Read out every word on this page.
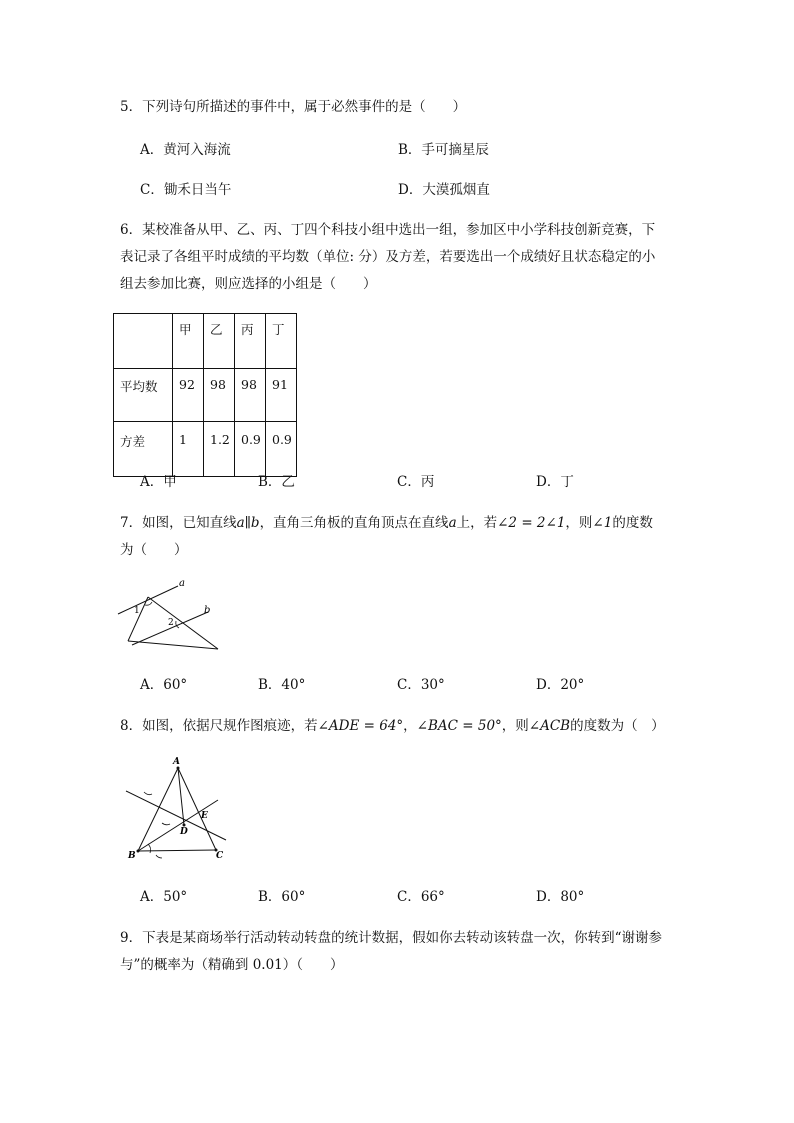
5．下列诗句所描述的事件中，属于必然事件的是（　　）
A．黄河入海流	B．手可摘星辰
C．锄禾日当午	D．大漠孤烟直
6．某校准备从甲、乙、丙、丁四个科技小组中选出一组，参加区中小学科技创新竞赛，下
表记录了各组平时成绩的平均数（单位: 分）及方差，若要选出一个成绩好且状态稳定的小
组去参加比赛，则应选择的小组是（　　）
	甲	乙	丙	丁
平均数	92	98	98	91
方差	1	1.2	0.9	0.9
A．甲	B．乙	C．丙	D．丁
7．如图，已知直线a∥b，直角三角板的直角顶点在直线a上，若∠2 = 2∠1，则∠1的度数
为（　　）
a
b
1
2
A．60°	B．40°	C．30°	D．20°
8．如图，依据尺规作图痕迹，若∠ADE = 64°，∠BAC = 50°，则∠ACB的度数为（　）
A
B	C
D
E
A．50°	B．60°	C．66°	D．80°
9．下表是某商场举行活动转动转盘的统计数据，假如你去转动该转盘一次，你转到“谢谢参
与”的概率为（精确到 0.01）（　　）
